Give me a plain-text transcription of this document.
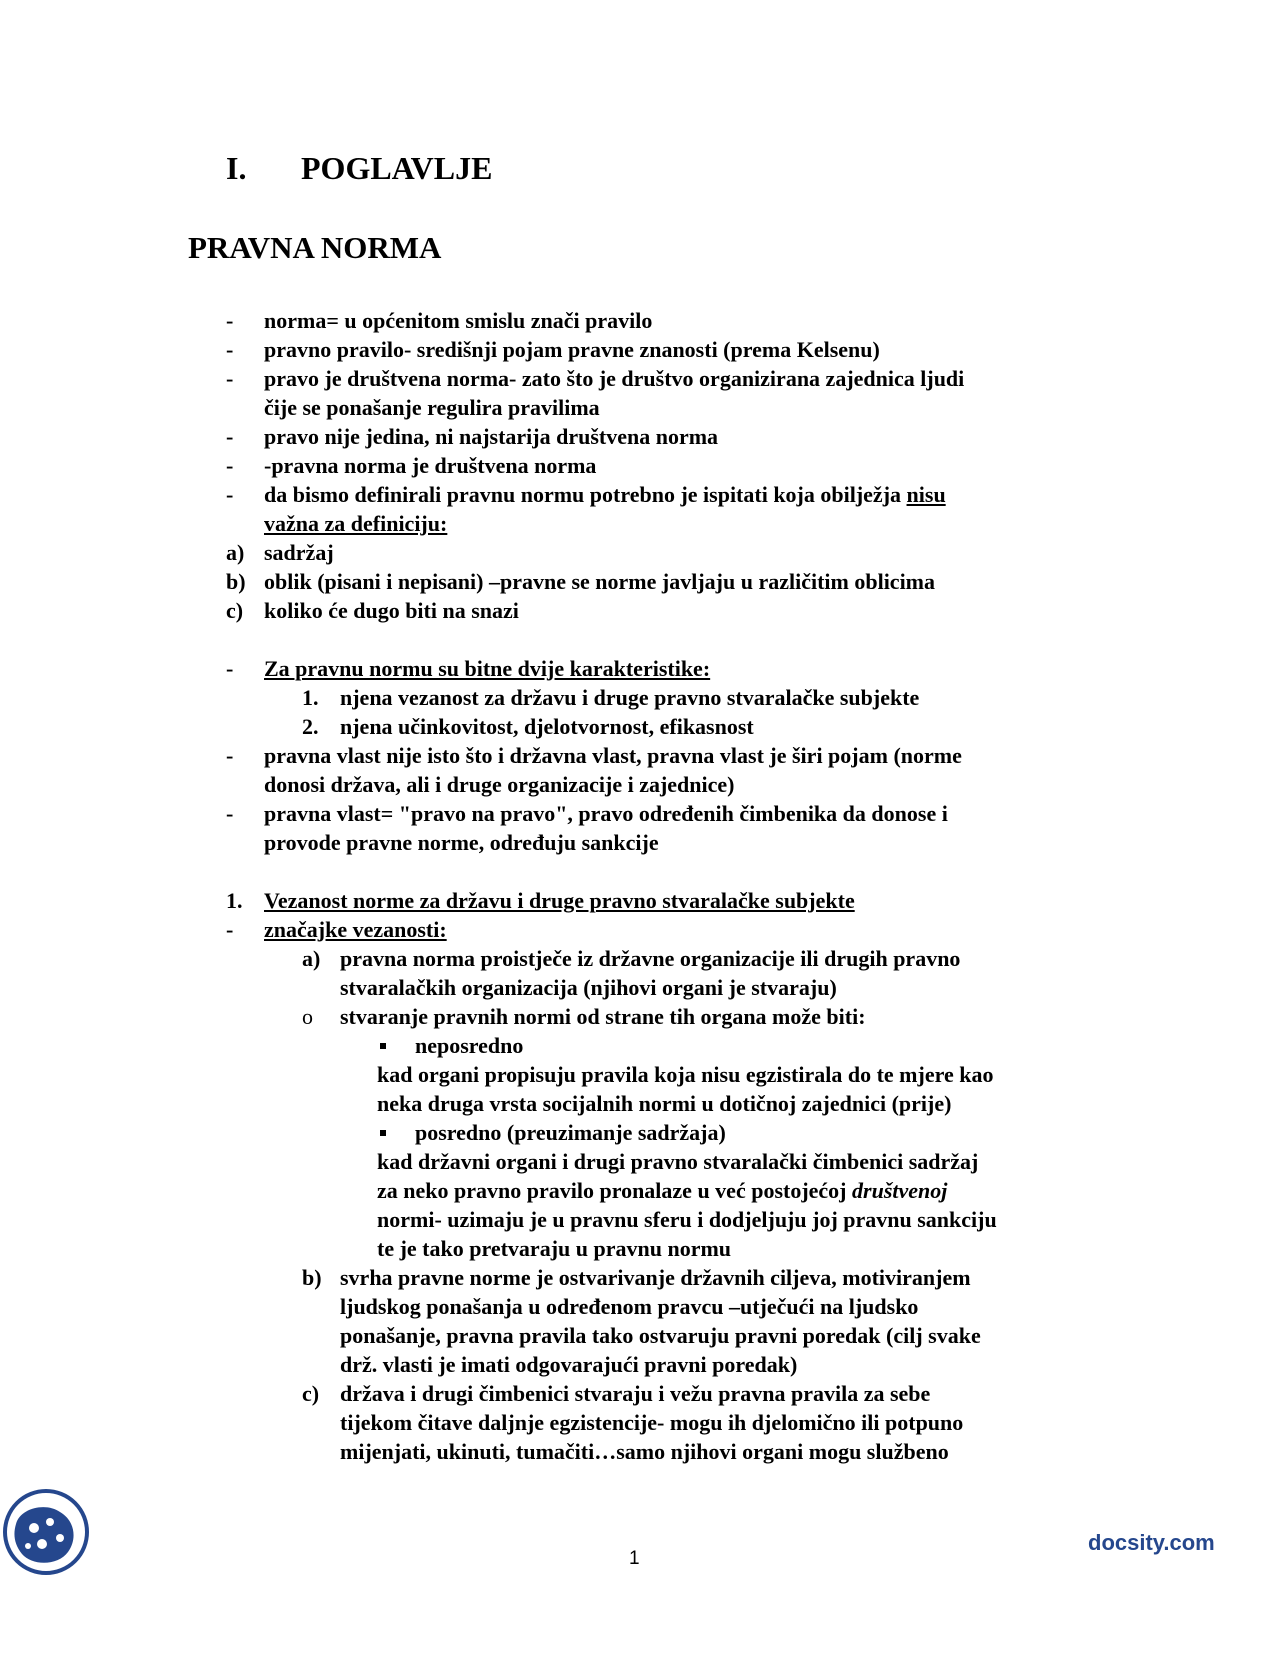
I. POGLAVLJE
PRAVNA NORMA
- norma= u općenitom smislu znači pravilo
- pravno pravilo- središnji pojam pravne znanosti (prema Kelsenu)
- pravo je društvena norma- zato što je društvo organizirana zajednica ljudi
čije se ponašanje regulira pravilima
- pravo nije jedina, ni najstarija društvena norma
- -pravna norma je društvena norma
- da bismo definirali pravnu normu potrebno je ispitati koja obilježja nisu
važna za definiciju:
a) sadržaj
b) oblik (pisani i nepisani) –pravne se norme javljaju u različitim oblicima
c) koliko će dugo biti na snazi
- Za pravnu normu su bitne dvije karakteristike:
1. njena vezanost za državu i druge pravno stvaralačke subjekte
2. njena učinkovitost, djelotvornost, efikasnost
- pravna vlast nije isto što i državna vlast, pravna vlast je širi pojam (norme
donosi država, ali i druge organizacije i zajednice)
- pravna vlast= "pravo na pravo", pravo određenih čimbenika da donose i
provode pravne norme, određuju sankcije
1. Vezanost norme za državu i druge pravno stvaralačke subjekte
- značajke vezanosti:
a) pravna norma proistječe iz državne organizacije ili drugih pravno
stvaralačkih organizacija (njihovi organi je stvaraju)
o stvaranje pravnih normi od strane tih organa može biti:
neposredno
kad organi propisuju pravila koja nisu egzistirala do te mjere kao
neka druga vrsta socijalnih normi u dotičnoj zajednici (prije)
posredno (preuzimanje sadržaja)
kad državni organi i drugi pravno stvaralački čimbenici sadržaj
za neko pravno pravilo pronalaze u već postojećoj društvenoj
normi- uzimaju je u pravnu sferu i dodjeljuju joj pravnu sankciju
te je tako pretvaraju u pravnu normu
b) svrha pravne norme je ostvarivanje državnih ciljeva, motiviranjem
ljudskog ponašanja u određenom pravcu –utječući na ljudsko
ponašanje, pravna pravila tako ostvaruju pravni poredak (cilj svake
drž. vlasti je imati odgovarajući pravni poredak)
c) država i drugi čimbenici stvaraju i vežu pravna pravila za sebe
tijekom čitave daljnje egzistencije- mogu ih djelomično ili potpuno
mijenjati, ukinuti, tumačiti…samo njihovi organi mogu službeno
1
docsity.com
